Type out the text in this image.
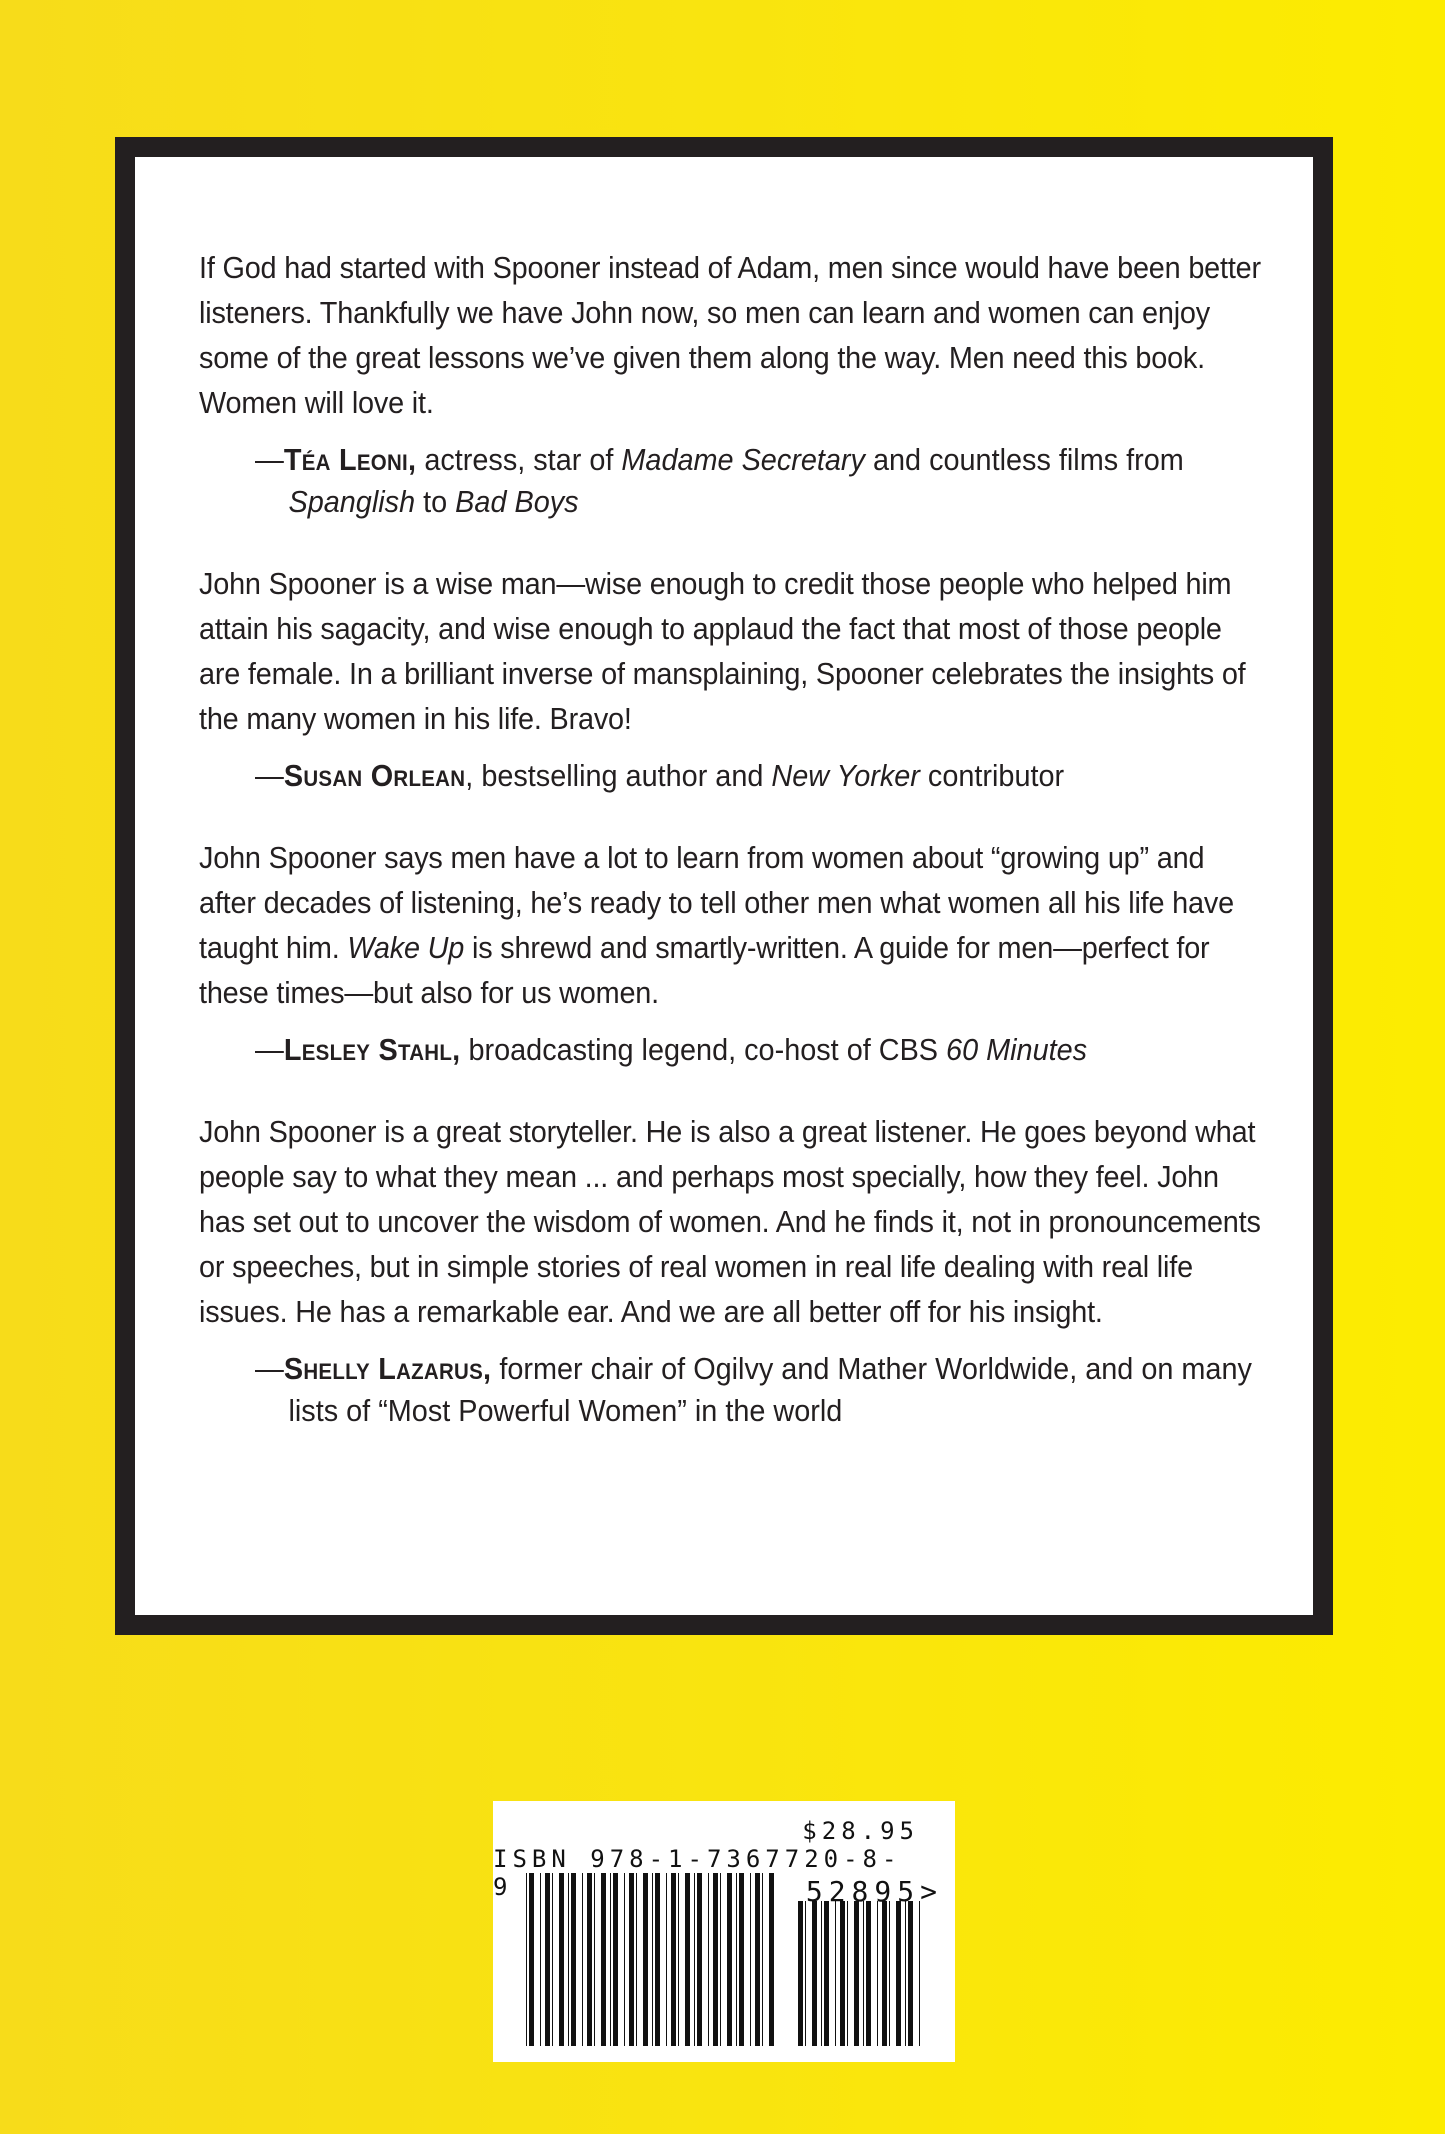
If God had started with Spooner instead of Adam, men since would have been better listeners. Thankfully we have John now, so men can learn and women can enjoy some of the great lessons we’ve given them along the way. Men need this book. Women will love it.

—Téa Leoni, actress, star of Madame Secretary and countless films from Spanglish to Bad Boys

John Spooner is a wise man—wise enough to credit those people who helped him attain his sagacity, and wise enough to applaud the fact that most of those people are female. In a brilliant inverse of mansplaining, Spooner celebrates the insights of the many women in his life. Bravo!

—Susan Orlean, bestselling author and New Yorker contributor

John Spooner says men have a lot to learn from women about “growing up” and after decades of listening, he’s ready to tell other men what women all his life have taught him. Wake Up is shrewd and smartly-written. A guide for men—perfect for these times—but also for us women.

—Lesley Stahl, broadcasting legend, co-host of CBS 60 Minutes

John Spooner is a great storyteller. He is also a great listener. He goes beyond what people say to what they mean ... and perhaps most specially, how they feel. John has set out to uncover the wisdom of women. And he finds it, not in pronouncements or speeches, but in simple stories of real women in real life dealing with real life issues. He has a remarkable ear. And we are all better off for his insight.

—Shelly Lazarus, former chair of Ogilvy and Mather Worldwide, and on many lists of “Most Powerful Women” in the world

$28.95
ISBN 978-1-7367720-8-9	52895>
